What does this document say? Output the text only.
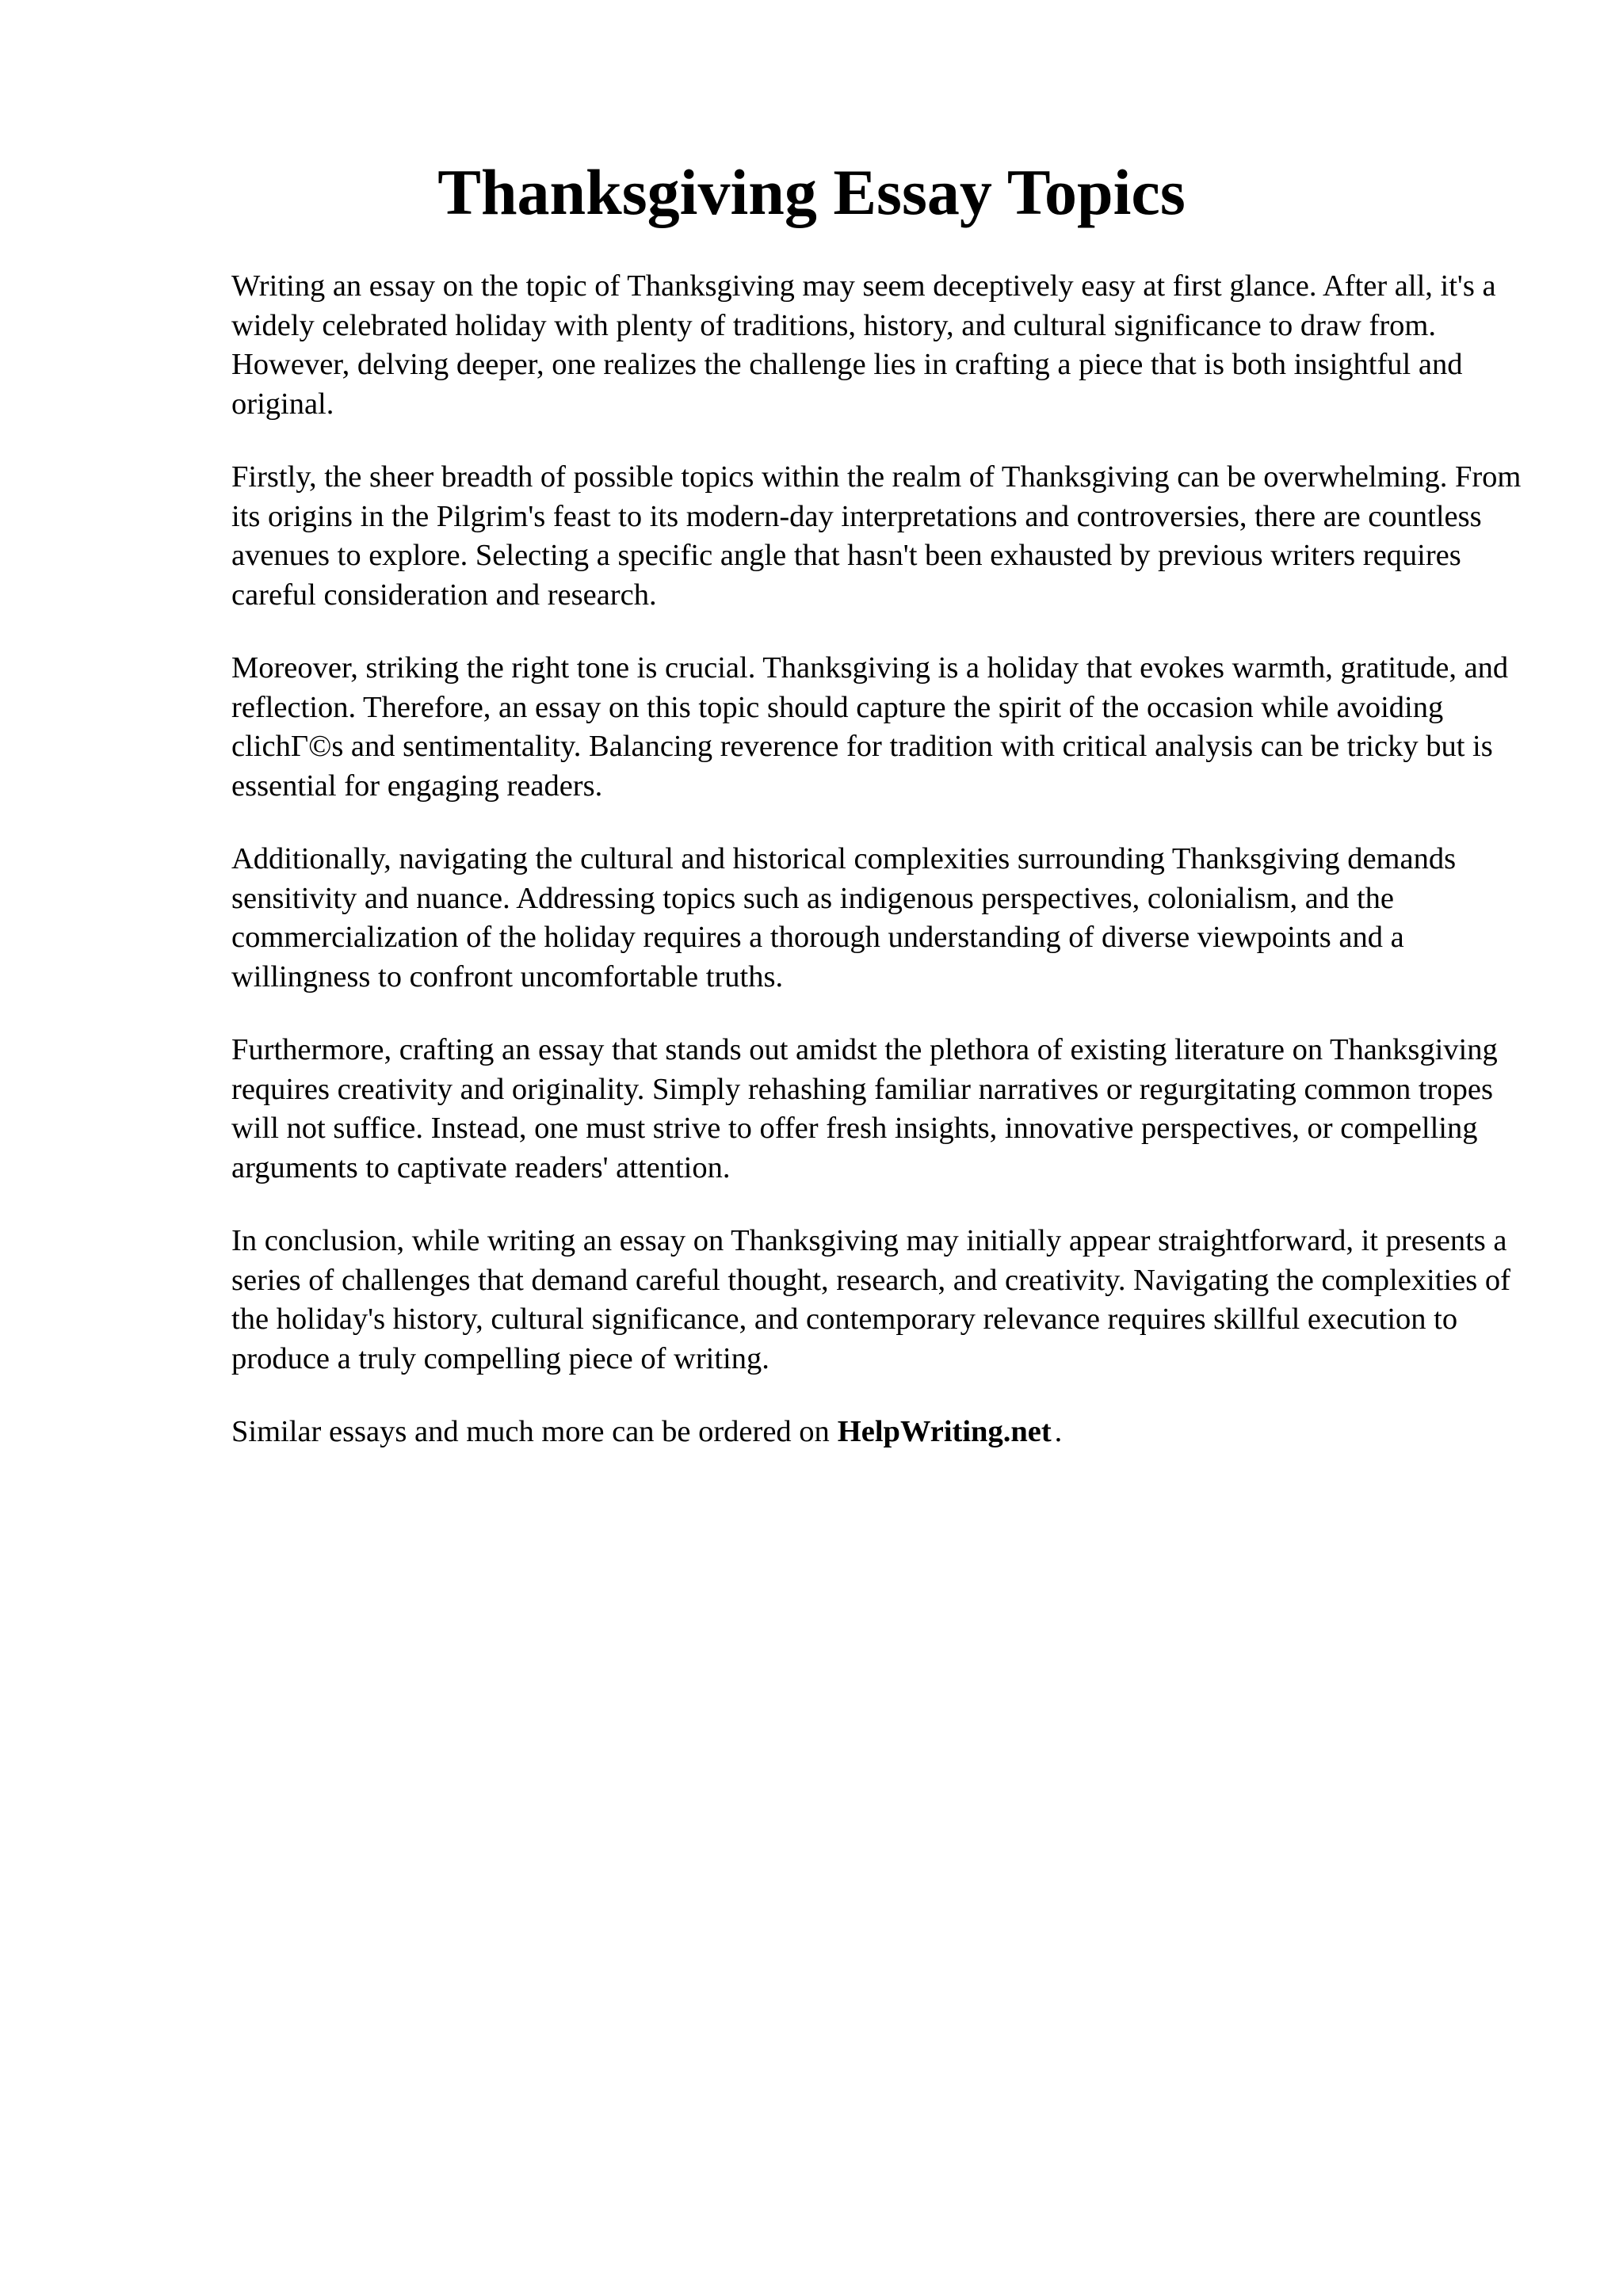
Thanksgiving Essay Topics

Writing an essay on the topic of Thanksgiving may seem deceptively easy at first glance. After all, it's a widely celebrated holiday with plenty of traditions, history, and cultural significance to draw from. However, delving deeper, one realizes the challenge lies in crafting a piece that is both insightful and original.

Firstly, the sheer breadth of possible topics within the realm of Thanksgiving can be overwhelming. From its origins in the Pilgrim's feast to its modern-day interpretations and controversies, there are countless avenues to explore. Selecting a specific angle that hasn't been exhausted by previous writers requires careful consideration and research.

Moreover, striking the right tone is crucial. Thanksgiving is a holiday that evokes warmth, gratitude, and reflection. Therefore, an essay on this topic should capture the spirit of the occasion while avoiding clichГ©s and sentimentality. Balancing reverence for tradition with critical analysis can be tricky but is essential for engaging readers.

Additionally, navigating the cultural and historical complexities surrounding Thanksgiving demands sensitivity and nuance. Addressing topics such as indigenous perspectives, colonialism, and the commercialization of the holiday requires a thorough understanding of diverse viewpoints and a willingness to confront uncomfortable truths.

Furthermore, crafting an essay that stands out amidst the plethora of existing literature on Thanksgiving requires creativity and originality. Simply rehashing familiar narratives or regurgitating common tropes will not suffice. Instead, one must strive to offer fresh insights, innovative perspectives, or compelling arguments to captivate readers' attention.

In conclusion, while writing an essay on Thanksgiving may initially appear straightforward, it presents a series of challenges that demand careful thought, research, and creativity. Navigating the complexities of the holiday's history, cultural significance, and contemporary relevance requires skillful execution to produce a truly compelling piece of writing.

Similar essays and much more can be ordered on HelpWriting.net .
